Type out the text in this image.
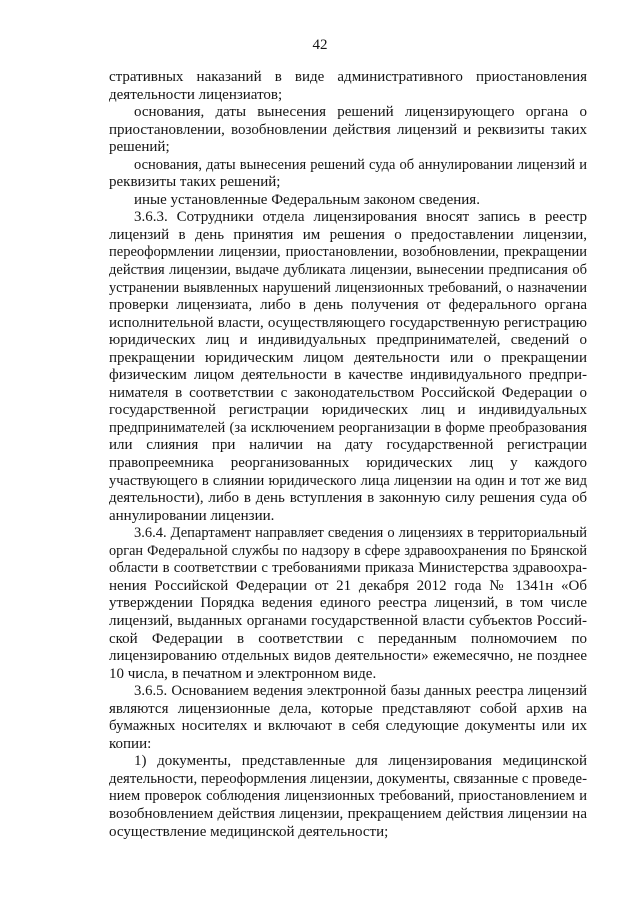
42
стративных наказаний в виде административного приостановления
деятельности лицензиатов;
основания, даты вынесения решений лицензирующего органа о
приостановлении, возобновлении действия лицензий и реквизиты таких
решений;
основания, даты вынесения решений суда об аннулировании лицензий и
реквизиты таких решений;
иные установленные Федеральным законом сведения.
3.6.3. Сотрудники отдела лицензирования вносят запись в реестр
лицензий в день принятия им решения о предоставлении лицензии,
переоформлении лицензии, приостановлении, возобновлении, прекращении
действия лицензии, выдаче дубликата лицензии, вынесении предписания об
устранении выявленных нарушений лицензионных требований, о назначении
проверки лицензиата, либо в день получения от федерального органа
исполнительной власти, осуществляющего государственную регистрацию
юридических лиц и индивидуальных предпринимателей, сведений о
прекращении юридическим лицом деятельности или о прекращении
физическим лицом деятельности в качестве индивидуального предпри-
нимателя в соответствии с законодательством Российской Федерации о
государственной регистрации юридических лиц и индивидуальных
предпринимателей (за исключением реорганизации в форме преобразования
или слияния при наличии на дату государственной регистрации
правопреемника реорганизованных юридических лиц у каждого
участвующего в слиянии юридического лица лицензии на один и тот же вид
деятельности), либо в день вступления в законную силу решения суда об
аннулировании лицензии.
3.6.4. Департамент направляет сведения о лицензиях в территориальный
орган Федеральной службы по надзору в сфере здравоохранения по Брянской
области в соответствии с требованиями приказа Министерства здравоохра-
нения Российской Федерации от 21 декабря 2012 года № 1341н «Об
утверждении Порядка ведения единого реестра лицензий, в том числе
лицензий, выданных органами государственной власти субъектов Россий-
ской Федерации в соответствии с переданным полномочием по
лицензированию отдельных видов деятельности» ежемесячно, не позднее
10 числа, в печатном и электронном виде.
3.6.5. Основанием ведения электронной базы данных реестра лицензий
являются лицензионные дела, которые представляют собой архив на
бумажных носителях и включают в себя следующие документы или их
копии:
1) документы, представленные для лицензирования медицинской
деятельности, переоформления лицензии, документы, связанные с проведе-
нием проверок соблюдения лицензионных требований, приостановлением и
возобновлением действия лицензии, прекращением действия лицензии на
осуществление медицинской деятельности;
